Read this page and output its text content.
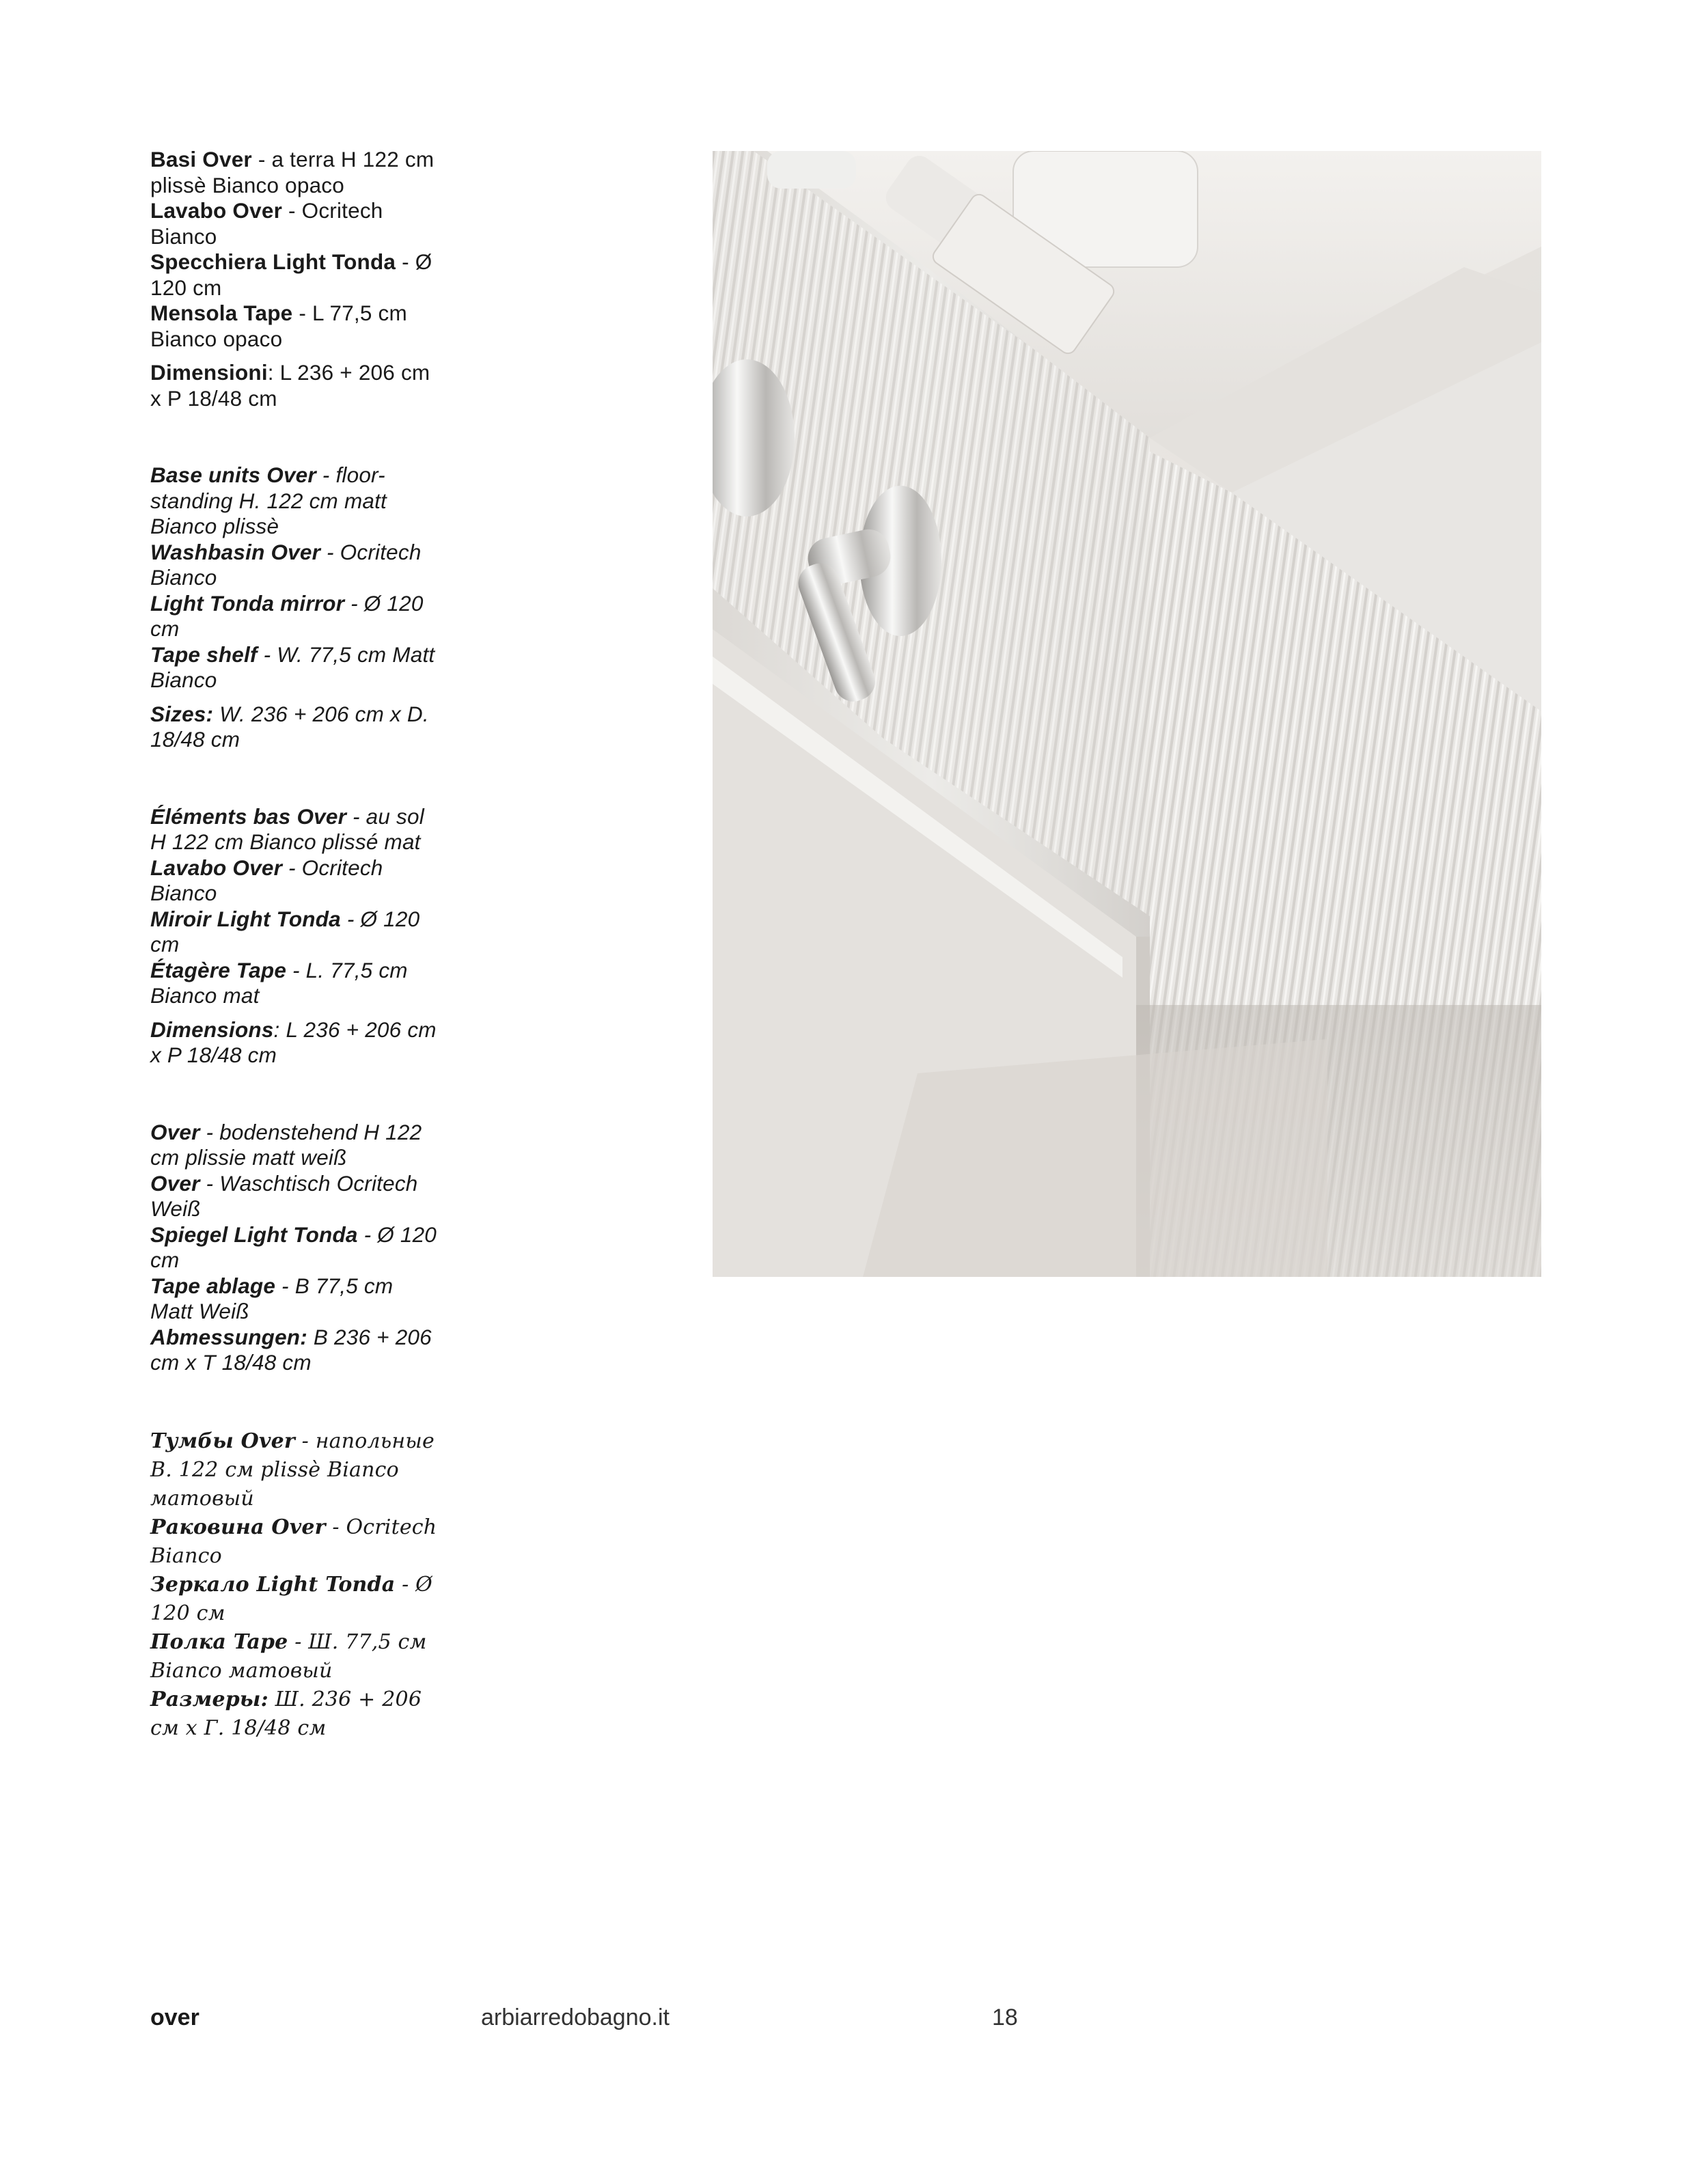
Basi Over - a terra H 122 cm plissè Bianco opaco

Lavabo Over - Ocritech Bianco

Specchiera Light Tonda - Ø 120 cm

Mensola Tape - L 77,5 cm Bianco opaco

Dimensioni: L 236 + 206 cm x P 18/48 cm

Base units Over - floor-standing H. 122 cm matt Bianco plissè

Washbasin Over - Ocritech Bianco

Light Tonda mirror - Ø 120 cm

Tape shelf - W. 77,5 cm Matt Bianco

Sizes: W. 236 + 206 cm x D. 18/48 cm

Éléments bas Over - au sol H 122 cm Bianco plissé mat

Lavabo Over - Ocritech Bianco

Miroir Light Tonda - Ø 120 cm

Étagère Tape - L. 77,5 cm Bianco mat

Dimensions: L 236 + 206 cm x P 18/48 cm

Over - bodenstehend H 122 cm plissie matt weiß

Over - Waschtisch Ocritech Weiß

Spiegel Light Tonda - Ø 120 cm

Tape ablage - B 77,5 cm Matt Weiß

Abmessungen: B 236 + 206 cm x T 18/48 cm

Тумбы Over - напольные В. 122 см plissè Bianco матовый

Раковина Over - Ocritech Bianco

Зеркало Light Tonda - Ø 120 см

Полка Tape - Ш. 77,5 см Bianco матовый

Размеры: Ш. 236 + 206 см x Г. 18/48 см

over	arbiarredobagno.it	18
